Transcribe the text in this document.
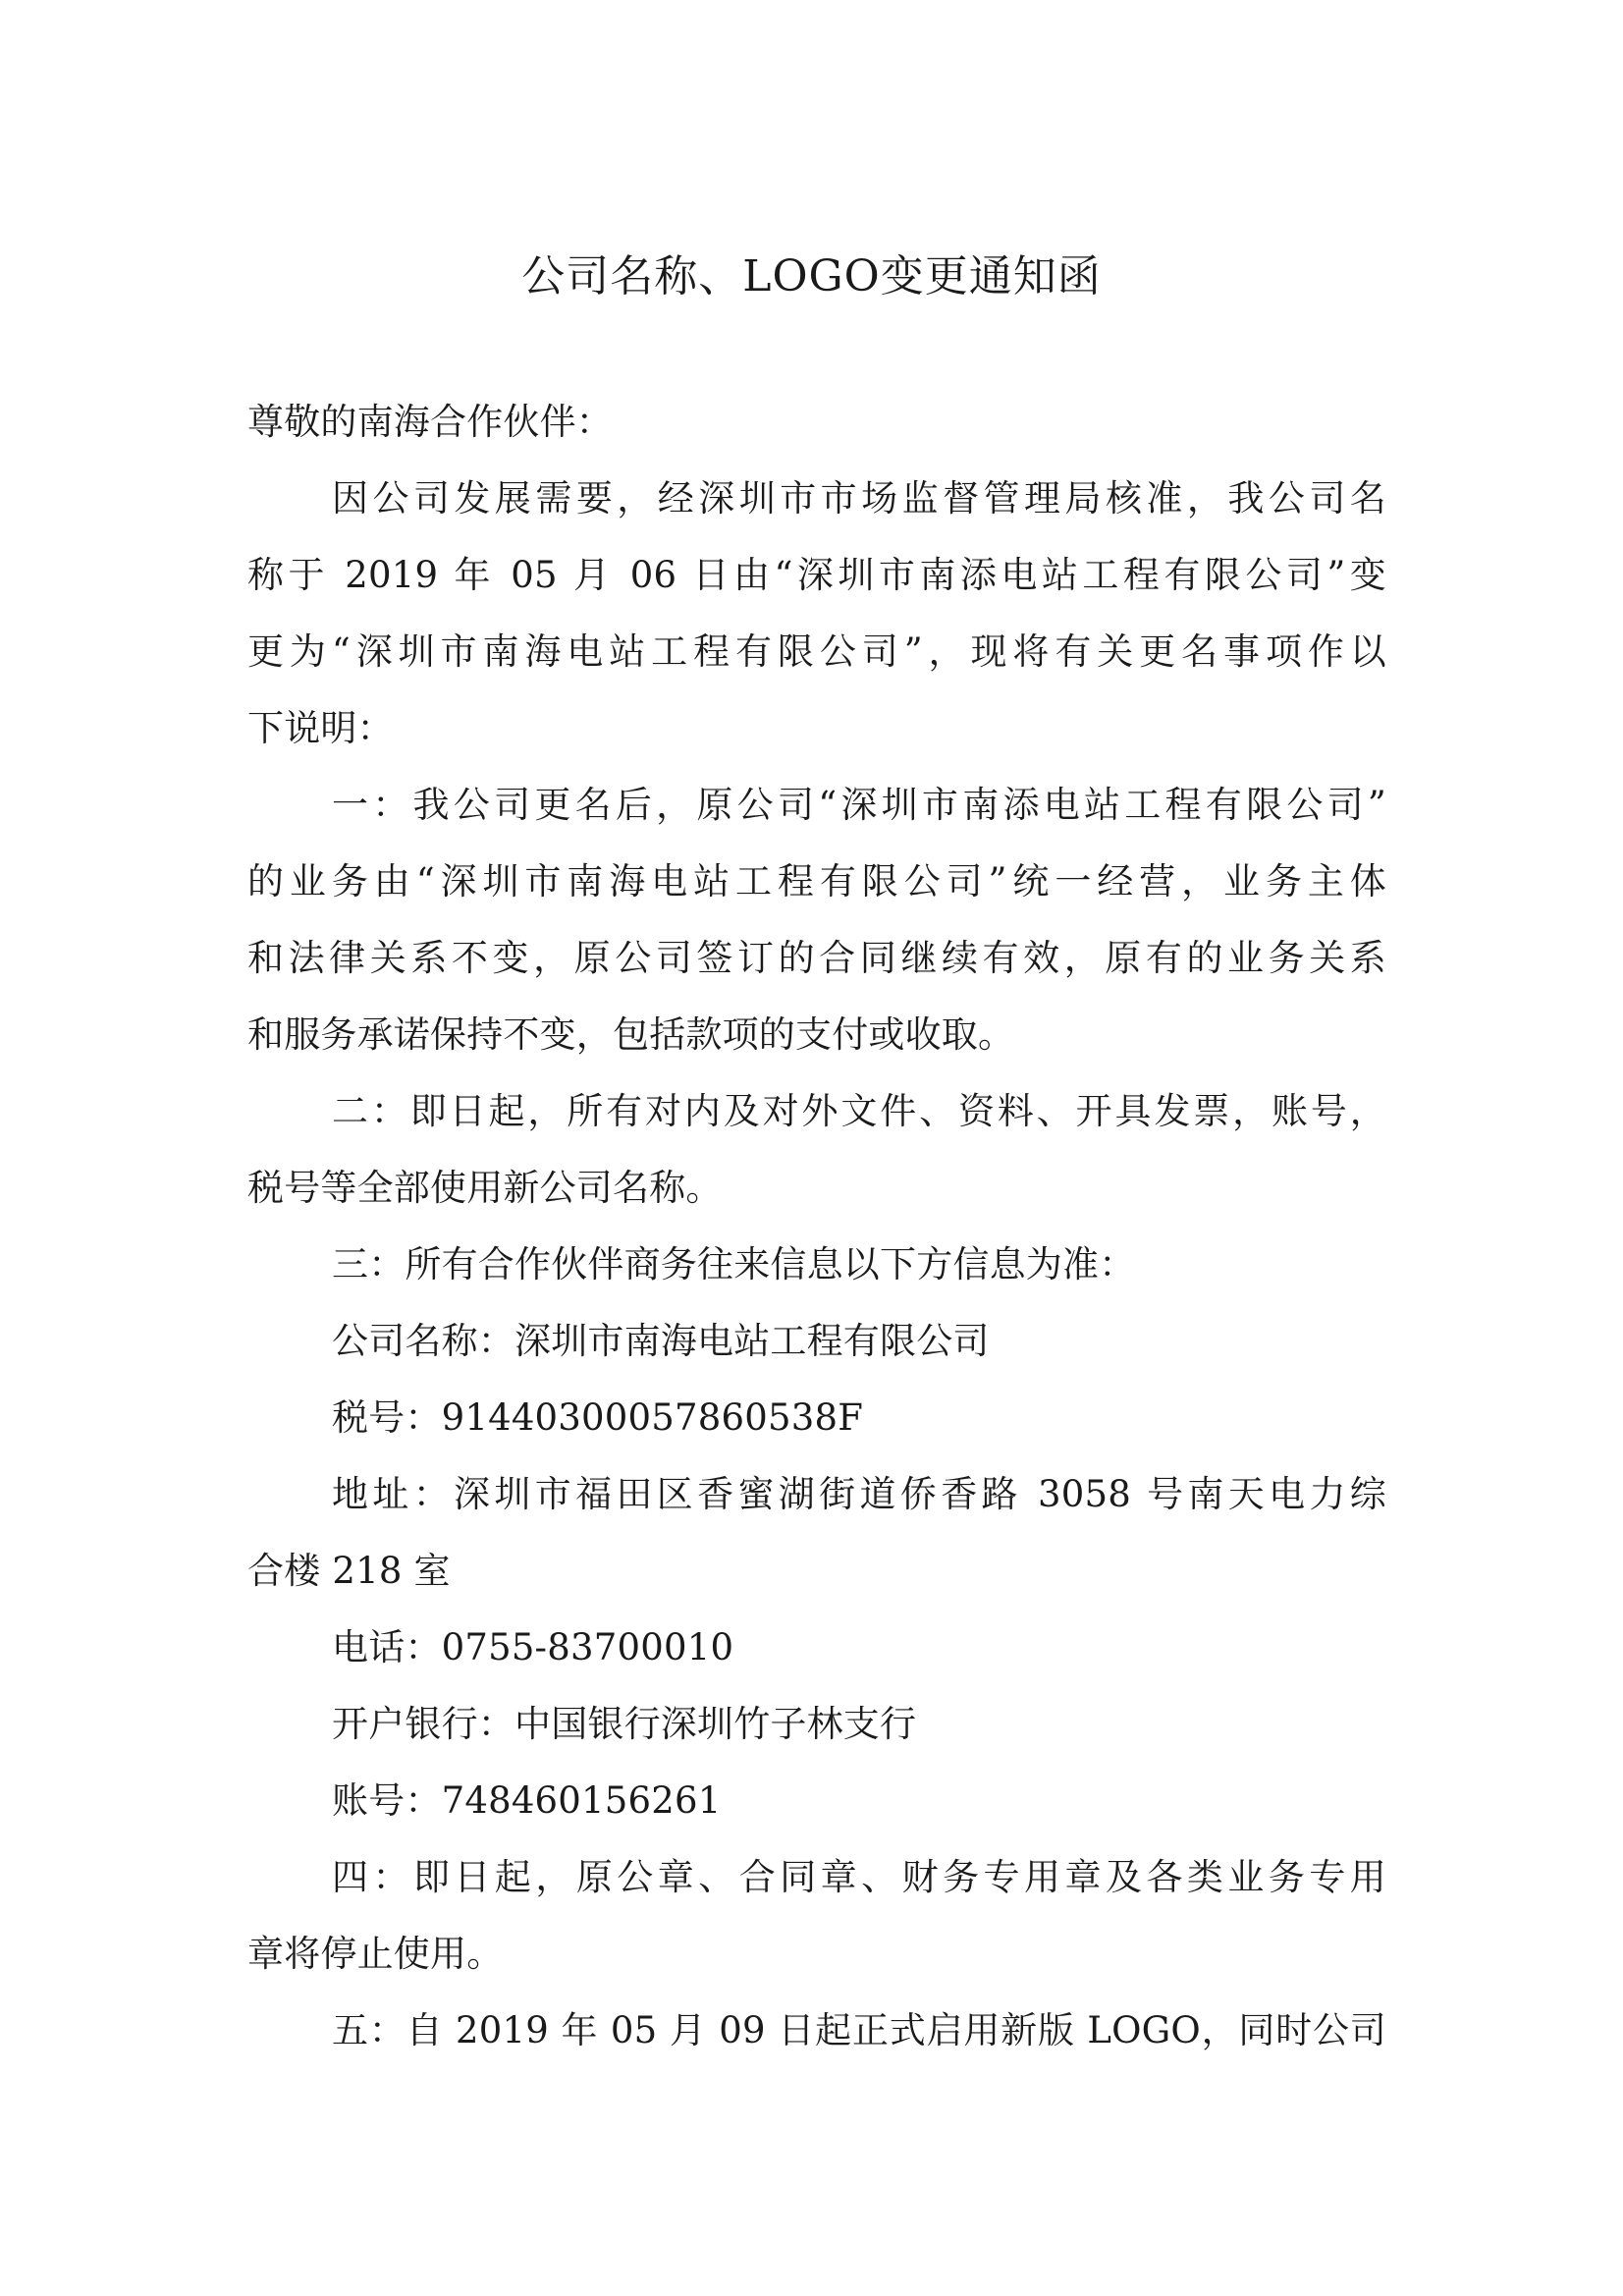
公司名称、LOGO变更通知函
尊敬的南海合作伙伴：
因公司发展需要，经深圳市市场监督管理局核准，我公司名
称于 2019 年 05 月 06 日由“深圳市南添电站工程有限公司”变
更为“深圳市南海电站工程有限公司”，现将有关更名事项作以
下说明：
一：我公司更名后，原公司“深圳市南添电站工程有限公司”
的业务由“深圳市南海电站工程有限公司”统一经营，业务主体
和法律关系不变，原公司签订的合同继续有效，原有的业务关系
和服务承诺保持不变，包括款项的支付或收取。
二：即日起，所有对内及对外文件、资料、开具发票，账号，
税号等全部使用新公司名称。
三：所有合作伙伴商务往来信息以下方信息为准：
公司名称：深圳市南海电站工程有限公司
税号：91440300057860538F
地址：深圳市福田区香蜜湖街道侨香路 3058 号南天电力综
合楼 218 室
电话：0755-83700010
开户银行：中国银行深圳竹子林支行
账号：748460156261
四：即日起，原公章、合同章、财务专用章及各类业务专用
章将停止使用。
五：自 2019 年 05 月 09 日起正式启用新版 LOGO，同时公司
